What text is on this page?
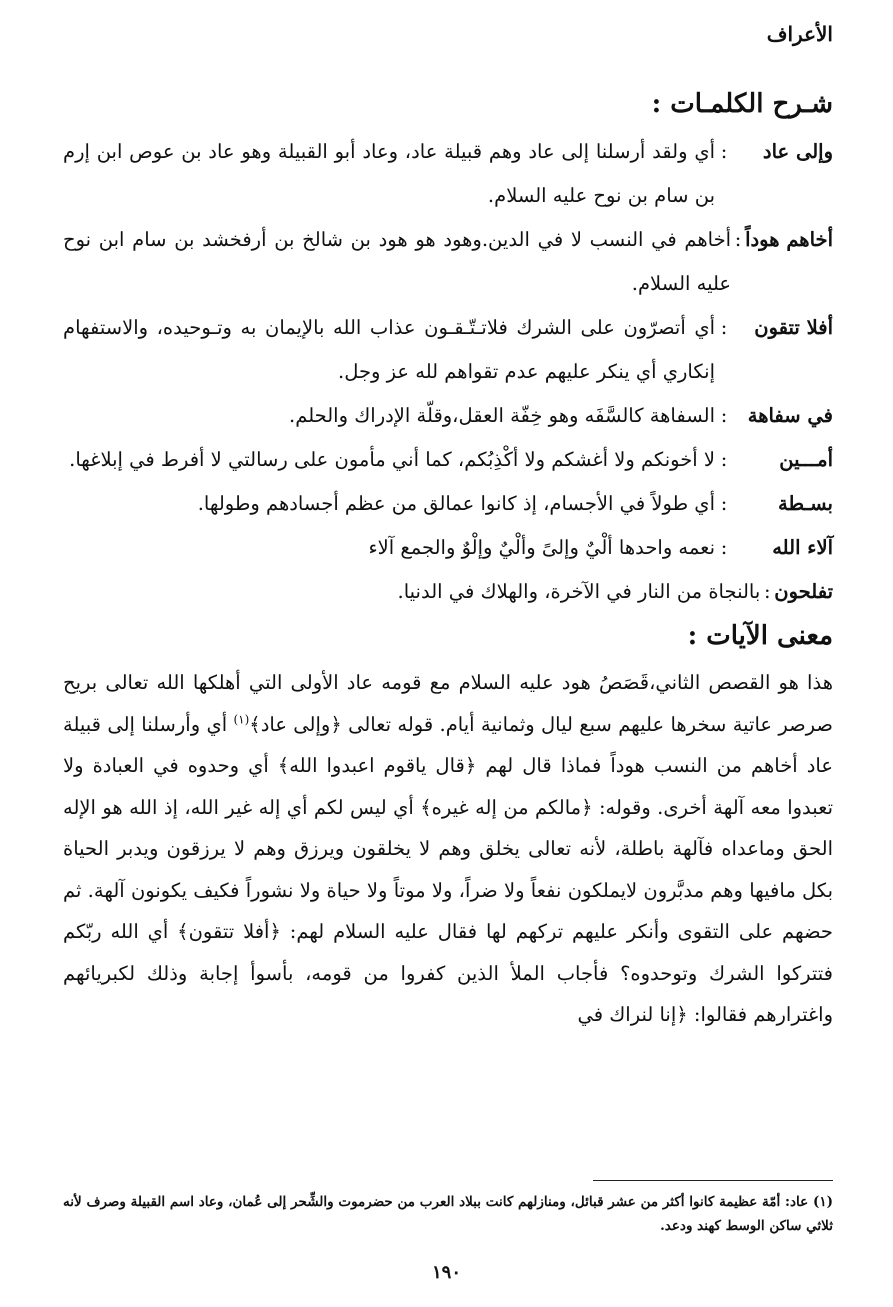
الأعراف
شـرح الكلمـات :
وإلى عاد
:
أي ولقد أرسلنا إلى عاد وهم قبيلة عاد، وعاد أبو القبيلة وهو عاد بن عوص ابن إرم بن سام بن نوح عليه السلام.
أخاهم هوداً
:
أخاهم في النسب لا في الدين.وهود هو هود بن شالخ بن أرفخشد بن سام ابن نوح عليه السلام.
أفلا تتقون
:
أي أتصرّون على الشرك فلاتـتّـقـون عذاب الله بالإيمان به وتـوحيده، والاستفهام إنكاري أي ينكر عليهم عدم تقواهم لله عز وجل.
في سفاهة
:
السفاهة كالسَّفَه وهو خِفّة العقل،وقلّة الإدراك والحلم.
أمـــين
:
لا أخونكم ولا أغشكم ولا أكْذِبُكم، كما أني مأمون على رسالتي لا أفرط في إبلاغها.
بسـطة
:
أي طولاً في الأجسام، إذ كانوا عمالق من عظم أجسادهم وطولها.
آلاء الله
:
نعمه واحدها ألْيٌ وإلىً وألْيٌ وإلْوٌ والجمع آلاء
تفلحون
:
بالنجاة من النار في الآخرة، والهلاك في الدنيا.
معنى الآيات :

هذا هو القصص الثاني،قَصَصُ هود عليه السلام مع قومه عاد الأولى التي أهلكها الله تعالى بريح صرصر عاتية سخرها عليهم سبع ليال وثمانية أيام. قوله تعالى ﴿وإلى عاد﴾$^{(١)}$ أي وأرسلنا إلى قبيلة عاد أخاهم من النسب هوداً فماذا قال لهم ﴿قال ياقوم اعبدوا الله﴾ أي وحدوه في العبادة ولا تعبدوا معه آلهة أخرى. وقوله: ﴿مالكم من إله غيره﴾ أي ليس لكم أي إله غير الله، إذ الله هو الإله الحق وماعداه فآلهة باطلة، لأنه تعالى يخلق وهم لا يخلقون ويرزق وهم لا يرزقون ويدبر الحياة بكل مافيها وهم مدبَّرون لايملكون نفعاً ولا ضراً، ولا موتاً ولا حياة ولا نشوراً فكيف يكونون آلهة. ثم حضهم على التقوى وأنكر عليهم تركهم لها فقال عليه السلام لهم: ﴿أفلا تتقون﴾ أي الله ربّكم فتتركوا الشرك وتوحدوه؟ فأجاب الملأ الذين كفروا من قومه، بأسوأ إجابة وذلك لكبريائهم واغترارهم فقالوا: ﴿إنا لنراك في

(١) عاد: أمّة عظيمة كانوا أكثر من عشر قبائل، ومنازلهم كانت ببلاد العرب من حضرموت والشِّحر إلى عُمان، وعاد اسم القبيلة وصرف لأنه ثلاثي ساكن الوسط كهند ودعد.
١٩٠
